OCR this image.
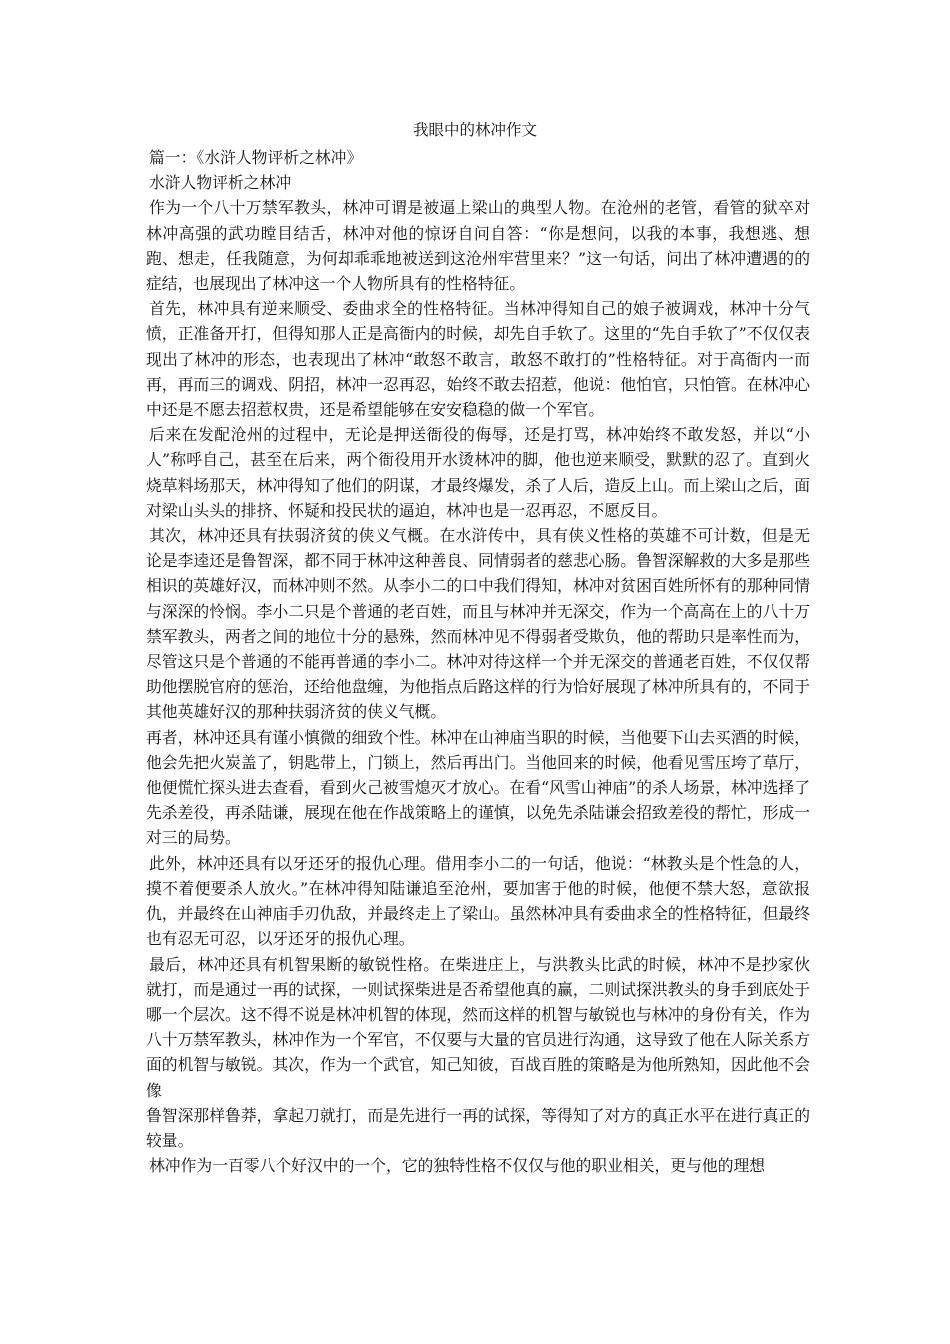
我眼中的林冲作文

篇一：《水浒人物评析之林冲》

水浒人物评析之林冲

作为一个八十万禁军教头，林冲可谓是被逼上梁山的典型人物。在沧州的老管，看管的狱卒对林冲高强的武功瞠目结舌，林冲对他的惊讶自问自答：“你是想问，以我的本事，我想逃、想跑、想走，任我随意，为何却乖乖地被送到这沧州牢营里来？”这一句话，问出了林冲遭遇的的症结，也展现出了林冲这一个人物所具有的性格特征。

首先，林冲具有逆来顺受、委曲求全的性格特征。当林冲得知自己的娘子被调戏，林冲十分气愤，正准备开打，但得知那人正是高衙内的时候，却先自手软了。这里的“先自手软了”不仅仅表现出了林冲的形态，也表现出了林冲“敢怒不敢言，敢怒不敢打的”性格特征。对于高衙内一而再，再而三的调戏、阴招，林冲一忍再忍，始终不敢去招惹，他说：他怕官，只怕管。在林冲心中还是不愿去招惹权贵，还是希望能够在安安稳稳的做一个军官。

后来在发配沧州的过程中，无论是押送衙役的侮辱，还是打骂，林冲始终不敢发怒，并以“小人”称呼自己，甚至在后来，两个衙役用开水烫林冲的脚，他也逆来顺受，默默的忍了。直到火烧草料场那天，林冲得知了他们的阴谋，才最终爆发，杀了人后，造反上山。而上梁山之后，面对梁山头头的排挤、怀疑和投民状的逼迫，林冲也是一忍再忍，不愿反目。

其次，林冲还具有扶弱济贫的侠义气概。在水浒传中，具有侠义性格的英雄不可计数，但是无论是李逵还是鲁智深，都不同于林冲这种善良、同情弱者的慈悲心肠。鲁智深解救的大多是那些相识的英雄好汉，而林冲则不然。从李小二的口中我们得知，林冲对贫困百姓所怀有的那种同情与深深的怜悯。李小二只是个普通的老百姓，而且与林冲并无深交，作为一个高高在上的八十万禁军教头，两者之间的地位十分的悬殊，然而林冲见不得弱者受欺负，他的帮助只是率性而为，尽管这只是个普通的不能再普通的李小二。林冲对待这样一个并无深交的普通老百姓，不仅仅帮助他摆脱官府的惩治，还给他盘缠，为他指点后路这样的行为恰好展现了林冲所具有的，不同于其他英雄好汉的那种扶弱济贫的侠义气概。

再者，林冲还具有谨小慎微的细致个性。林冲在山神庙当职的时候，当他要下山去买酒的时候，他会先把火炭盖了，钥匙带上，门锁上，然后再出门。当他回来的时候，他看见雪压垮了草厅，他便慌忙探头进去查看，看到火己被雪熄灭才放心。在看“风雪山神庙”的杀人场景，林冲选择了先杀差役，再杀陆谦，展现在他在作战策略上的谨慎，以免先杀陆谦会招致差役的帮忙，形成一对三的局势。

此外，林冲还具有以牙还牙的报仇心理。借用李小二的一句话，他说：“林教头是个性急的人，摸不着便要杀人放火。”在林冲得知陆谦追至沧州，要加害于他的时候，他便不禁大怒，意欲报仇，并最终在山神庙手刃仇敌，并最终走上了梁山。虽然林冲具有委曲求全的性格特征，但最终也有忍无可忍，以牙还牙的报仇心理。

最后，林冲还具有机智果断的敏锐性格。在柴进庄上，与洪教头比武的时候，林冲不是抄家伙就打，而是通过一再的试探，一则试探柴进是否希望他真的赢，二则试探洪教头的身手到底处于哪一个层次。这不得不说是林冲机智的体现，然而这样的机智与敏锐也与林冲的身份有关，作为八十万禁军教头，林冲作为一个军官，不仅要与大量的官员进行沟通，这导致了他在人际关系方面的机智与敏锐。其次，作为一个武官，知己知彼，百战百胜的策略是为他所熟知，因此他不会像

鲁智深那样鲁莽，拿起刀就打，而是先进行一再的试探，等得知了对方的真正水平在进行真正的较量。

林冲作为一百零八个好汉中的一个，它的独特性格不仅仅与他的职业相关，更与他的理想
